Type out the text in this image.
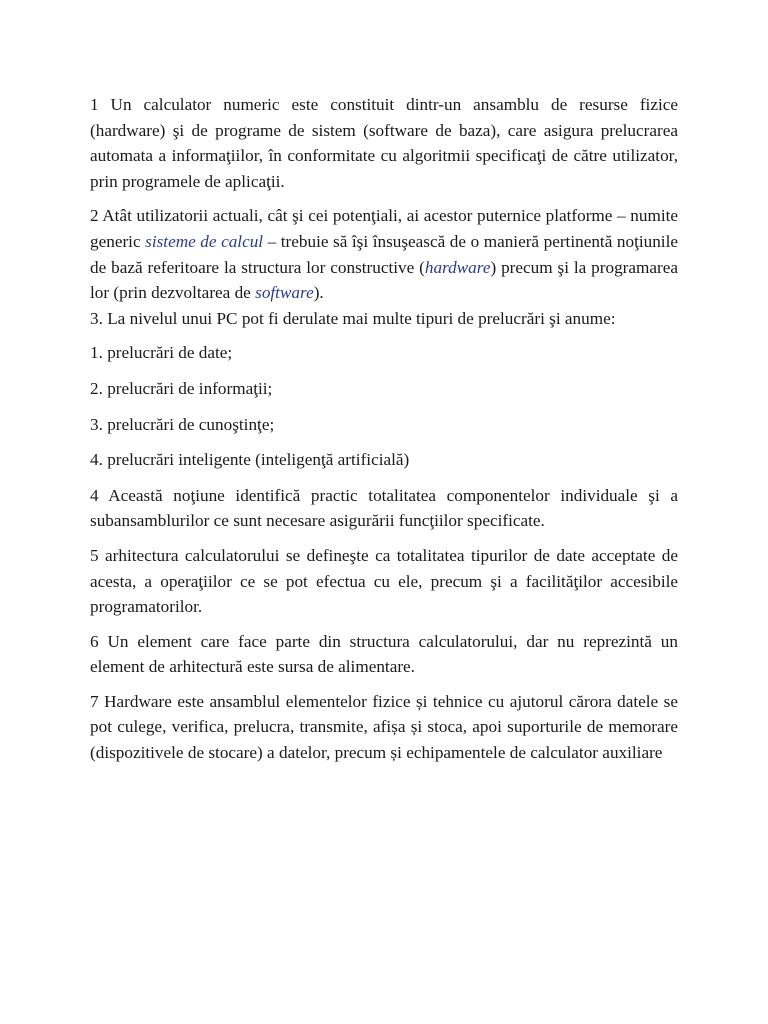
1 Un calculator numeric este constituit dintr-un ansamblu de resurse fizice (hardware) şi de programe de sistem (software de baza), care asigura prelucrarea automata a informaţiilor, în conformitate cu algoritmii specificaţi de către utilizator, prin programele de aplicaţii.

2 Atât utilizatorii actuali, cât şi cei potenţiali, ai acestor puternice platforme – numite generic sisteme de calcul – trebuie să îşi însuşească de o manieră pertinentă noţiunile de bază referitoare la structura lor constructive (hardware) precum şi la programarea lor (prin dezvoltarea de software).

3. La nivelul unui PC pot fi derulate mai multe tipuri de prelucrări şi anume:

1. prelucrări de date;

2. prelucrări de informaţii;

3. prelucrări de cunoştinţe;

4. prelucrări inteligente (inteligenţă artificială)

4 Această noţiune identifică practic totalitatea componentelor individuale şi a subansamblurilor ce sunt necesare asigurării funcţiilor specificate.

5 arhitectura calculatorului se defineşte ca totalitatea tipurilor de date acceptate de acesta, a operaţiilor ce se pot efectua cu ele, precum şi a facilităţilor accesibile programatorilor.

6 Un element care face parte din structura calculatorului, dar nu reprezintă un element de arhitectură este sursa de alimentare.

7 Hardware este ansamblul elementelor fizice și tehnice cu ajutorul cărora datele se pot culege, verifica, prelucra, transmite, afișa și stoca, apoi suporturile de memorare (dispozitivele de stocare) a datelor, precum și echipamentele de calculator auxiliare
